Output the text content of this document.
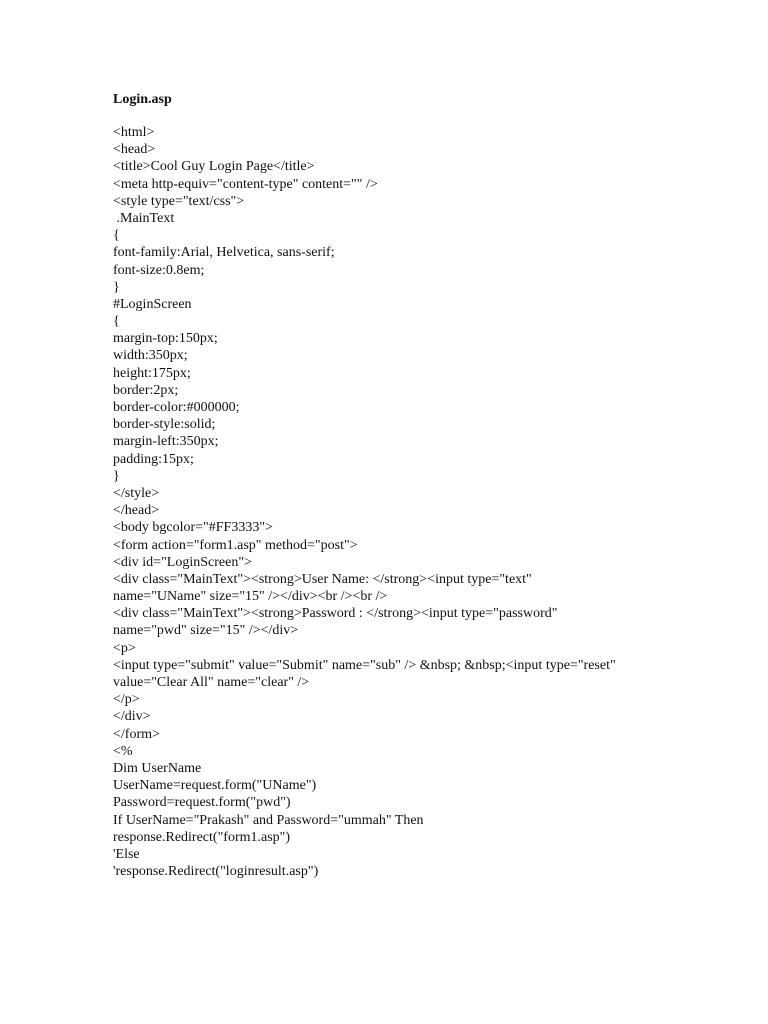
Login.asp
<html>
<head>
<title>Cool Guy Login Page</title>
<meta http-equiv="content-type" content="" />
<style type="text/css">
.MainText
{
font-family:Arial, Helvetica, sans-serif;
font-size:0.8em;
}
#LoginScreen
{
margin-top:150px;
width:350px;
height:175px;
border:2px;
border-color:#000000;
border-style:solid;
margin-left:350px;
padding:15px;
}
</style>
</head>
<body bgcolor="#FF3333">
<form action="form1.asp" method="post">
<div id="LoginScreen">
<div class="MainText"><strong>User Name: </strong><input type="text"
name="UName" size="15" /></div><br /><br />
<div class="MainText"><strong>Password : </strong><input type="password"
name="pwd" size="15" /></div>
<p>
<input type="submit" value="Submit" name="sub" /> &nbsp; &nbsp;<input type="reset"
value="Clear All" name="clear" />
</p>
</div>
</form>
<%
Dim UserName
UserName=request.form("UName")
Password=request.form("pwd")
If UserName="Prakash" and Password="ummah" Then
response.Redirect("form1.asp")
'Else
'response.Redirect("loginresult.asp")
